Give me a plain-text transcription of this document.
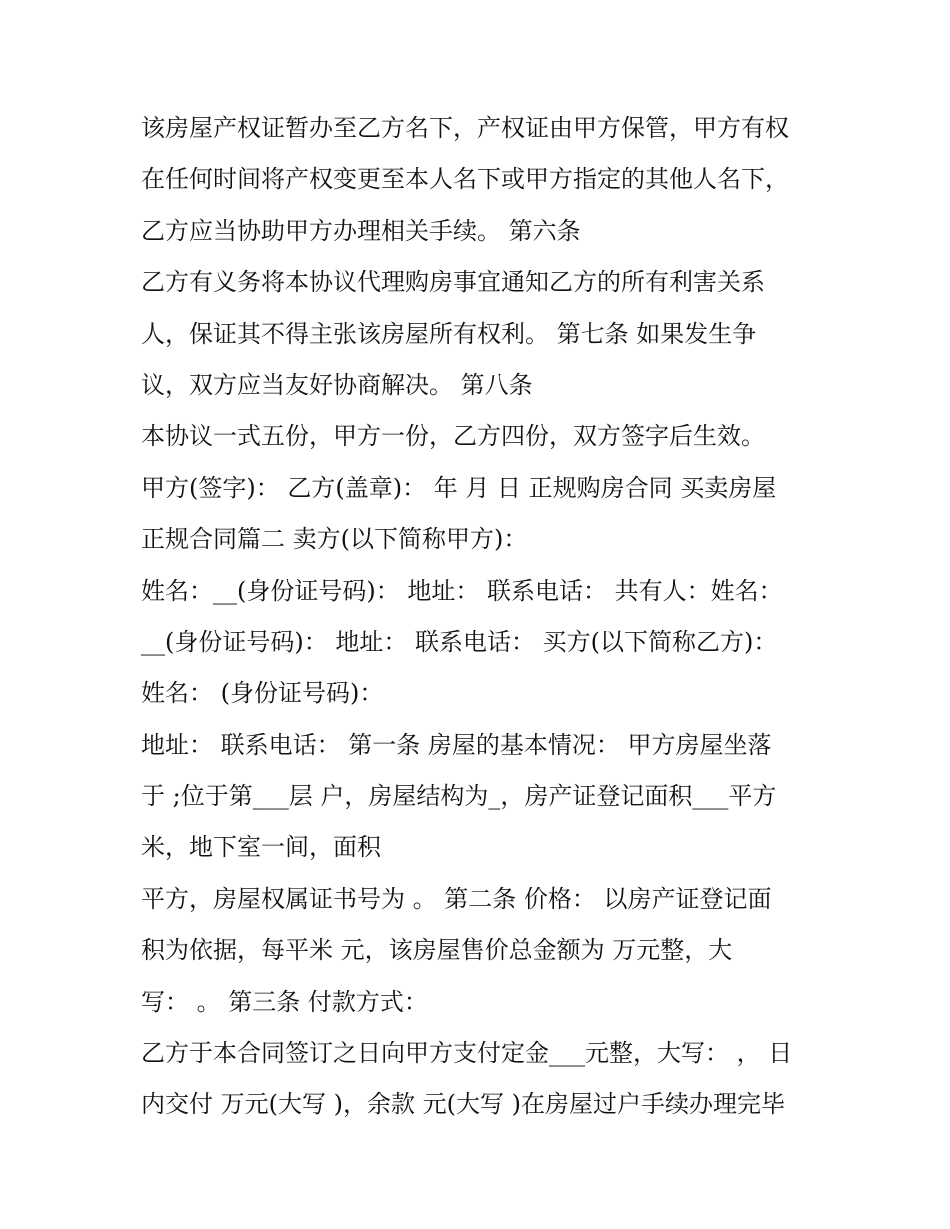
该房屋产权证暂办至乙方名下，产权证由甲方保管，甲方有权
在任何时间将产权变更至本人名下或甲方指定的其他人名下，
乙方应当协助甲方办理相关手续。 第六条
乙方有义务将本协议代理购房事宜通知乙方的所有利害关系
人，保证其不得主张该房屋所有权利。 第七条 如果发生争
议，双方应当友好协商解决。 第八条
本协议一式五份，甲方一份，乙方四份，双方签字后生效。
甲方(签字)： 乙方(盖章)： 年 月 日 正规购房合同 买卖房屋
正规合同篇二 卖方(以下简称甲方)：
姓名：__(身份证号码)： 地址： 联系电话： 共有人：姓名：
__(身份证号码)： 地址： 联系电话： 买方(以下简称乙方)：
姓名： (身份证号码)：
地址： 联系电话： 第一条 房屋的基本情况： 甲方房屋坐落
于 ;位于第___层 户，房屋结构为_，房产证登记面积___平方
米，地下室一间，面积
平方，房屋权属证书号为 。 第二条 价格： 以房产证登记面
积为依据，每平米 元，该房屋售价总金额为 万元整，大
写： 。 第三条 付款方式：
乙方于本合同签订之日向甲方支付定金___元整，大写： ， 日
内交付 万元(大写 )，余款 元(大写 )在房屋过户手续办理完毕
